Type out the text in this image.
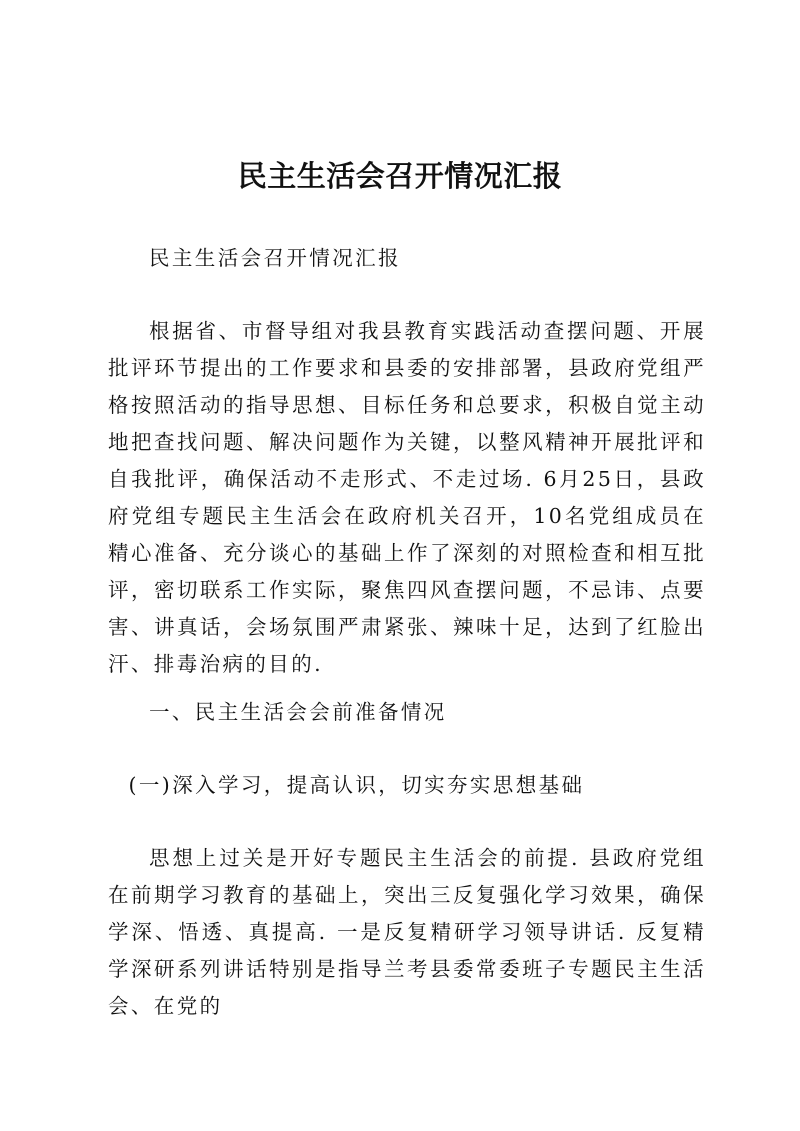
民主生活会召开情况汇报

民主生活会召开情况汇报

根据省、市督导组对我县教育实践活动查摆问题、开展批评环节提出的工作要求和县委的安排部署，县政府党组严格按照活动的指导思想、目标任务和总要求，积极自觉主动地把查找问题、解决问题作为关键，以整风精神开展批评和自我批评，确保活动不走形式、不走过场. 6月25日，县政府党组专题民主生活会在政府机关召开，10名党组成员在精心准备、充分谈心的基础上作了深刻的对照检查和相互批评，密切联系工作实际，聚焦四风查摆问题，不忌讳、点要害、讲真话，会场氛围严肃紧张、辣味十足，达到了红脸出汗、排毒治病的目的.

一、民主生活会会前准备情况

(一)深入学习，提高认识，切实夯实思想基础

思想上过关是开好专题民主生活会的前提. 县政府党组在前期学习教育的基础上，突出三反复强化学习效果，确保学深、悟透、真提高. 一是反复精研学习领导讲话. 反复精学深研系列讲话特别是指导兰考县委常委班子专题民主生活会、在党的
